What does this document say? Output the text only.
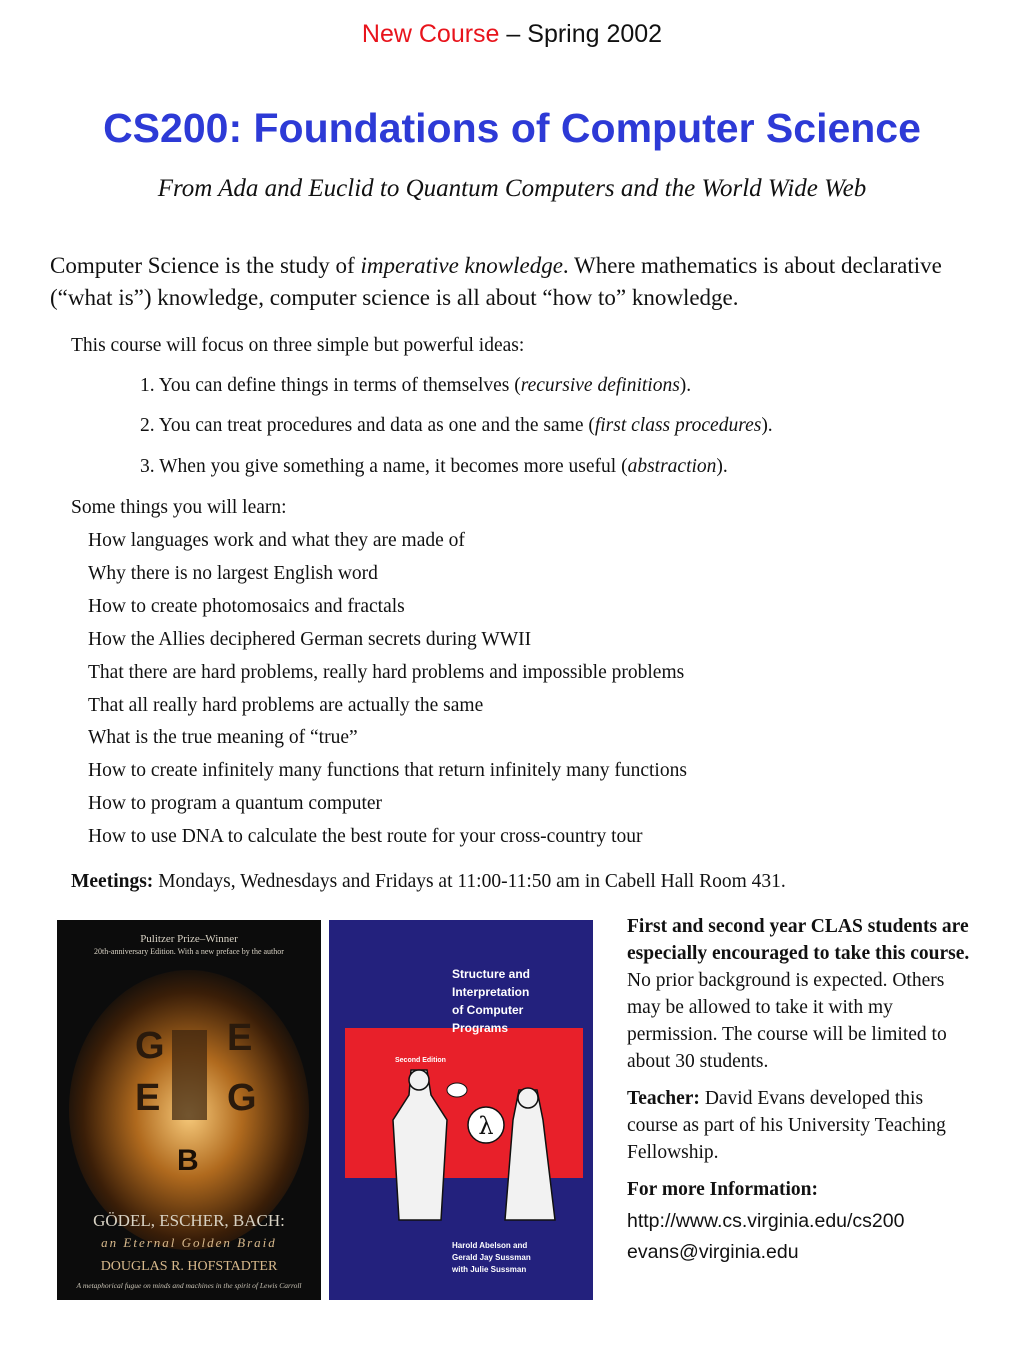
New Course – Spring 2002
CS200: Foundations of Computer Science
From Ada and Euclid to Quantum Computers and the World Wide Web
Computer Science is the study of imperative knowledge. Where mathematics is about declarative (“what is”) knowledge, computer science is all about “how to” knowledge.
This course will focus on three simple but powerful ideas:
1. You can define things in terms of themselves (recursive definitions).
2. You can treat procedures and data as one and the same (first class procedures).
3. When you give something a name, it becomes more useful (abstraction).
Some things you will learn:
How languages work and what they are made of
Why there is no largest English word
How to create photomosaics and fractals
How the Allies deciphered German secrets during WWII
That there are hard problems, really hard problems and impossible problems
That all really hard problems are actually the same
What is the true meaning of “true”
How to create infinitely many functions that return infinitely many functions
How to program a quantum computer
How to use DNA to calculate the best route for your cross-country tour
Meetings: Mondays, Wednesdays and Fridays at 11:00-11:50 am in Cabell Hall Room 431.
Pulitzer Prize–Winner
20th-anniversary Edition. With a new preface by the author
G E
E G
B
GÖDEL, ESCHER, BACH:
an Eternal Golden Braid
DOUGLAS R. HOFSTADTER
A metaphorical fugue on minds and machines in the spirit of Lewis Carroll
Structure and
Interpretation
of Computer
Programs
Second Edition
λ
Harold Abelson and
Gerald Jay Sussman
with Julie Sussman

First and second year CLAS students are especially encouraged to take this course. No prior background is expected. Others may be allowed to take it with my permission. The course will be limited to about 30 students.

Teacher: David Evans developed this course as part of his University Teaching Fellowship.

For more Information:

http://www.cs.virginia.edu/cs200
evans@virginia.edu
